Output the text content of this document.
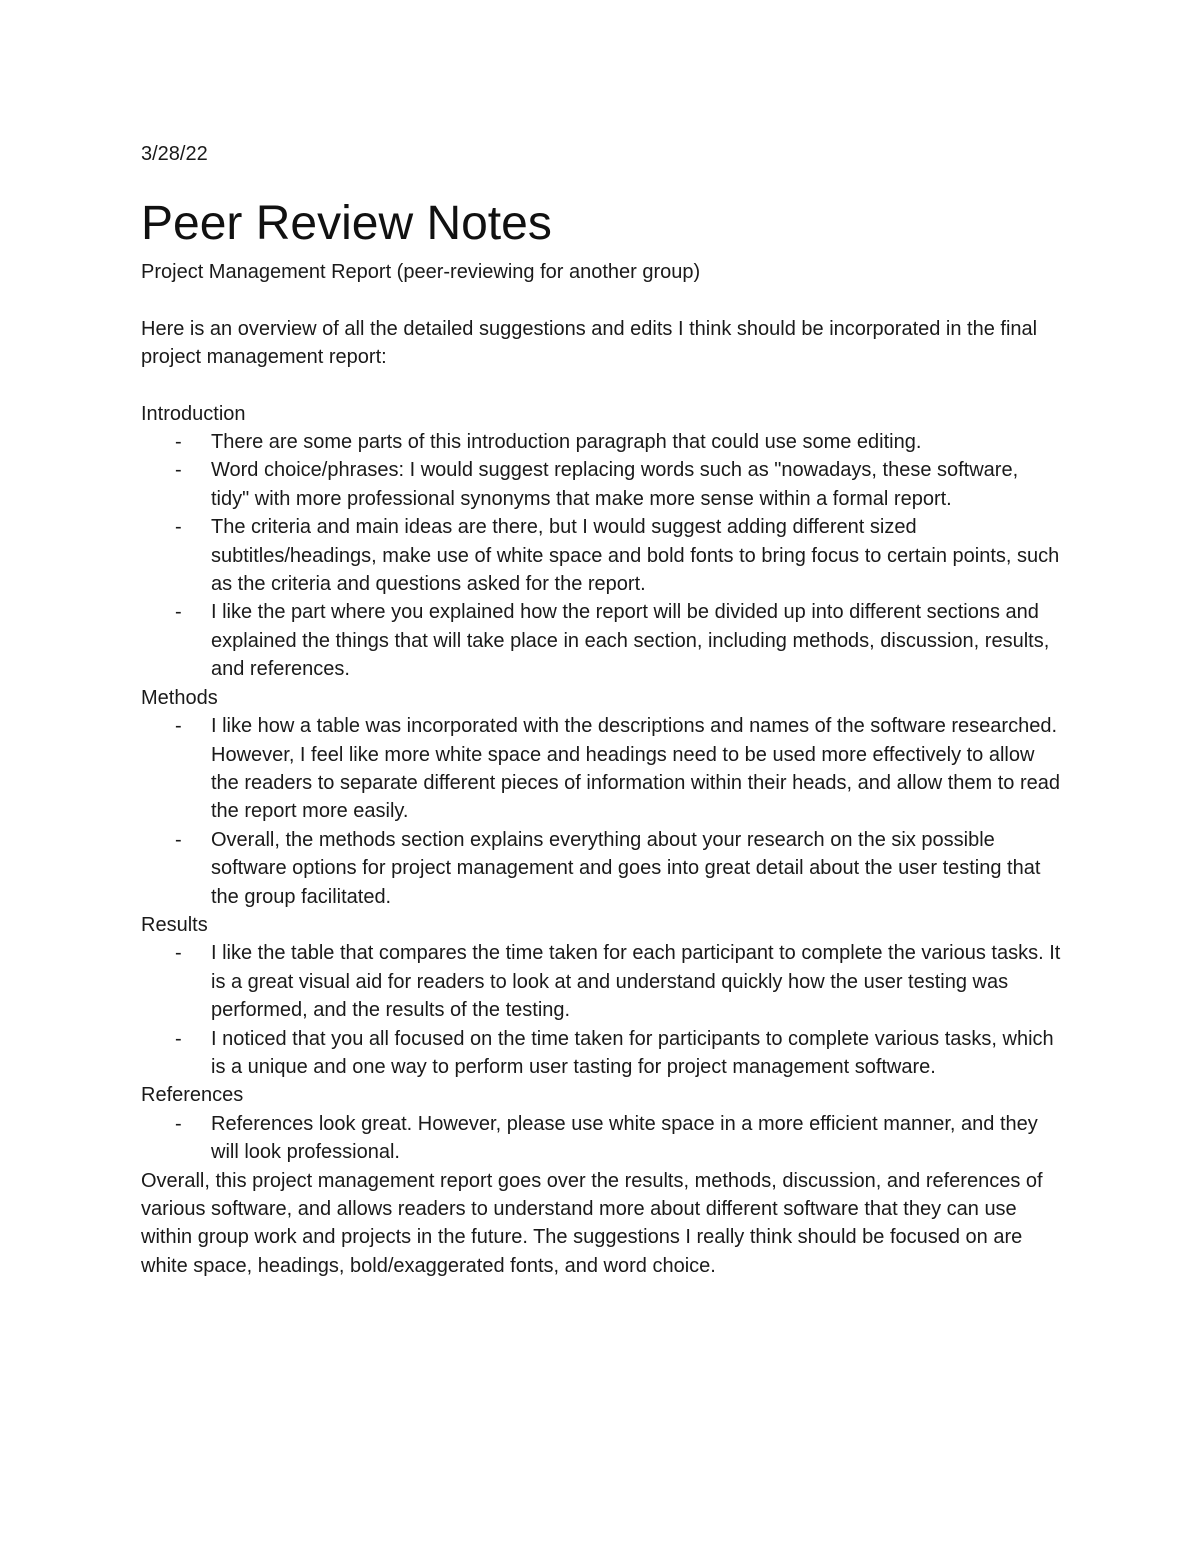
3/28/22

Peer Review Notes

Project Management Report (peer-reviewing for another group)

Here is an overview of all the detailed suggestions and edits I think should be incorporated in the final project management report:

Introduction

- There are some parts of this introduction paragraph that could use some editing.
- Word choice/phrases: I would suggest replacing words such as "nowadays, these software, tidy" with more professional synonyms that make more sense within a formal report.
- The criteria and main ideas are there, but I would suggest adding different sized subtitles/headings, make use of white space and bold fonts to bring focus to certain points, such as the criteria and questions asked for the report.
- I like the part where you explained how the report will be divided up into different sections and explained the things that will take place in each section, including methods, discussion, results, and references.

Methods

- I like how a table was incorporated with the descriptions and names of the software researched. However, I feel like more white space and headings need to be used more effectively to allow the readers to separate different pieces of information within their heads, and allow them to read the report more easily.
- Overall, the methods section explains everything about your research on the six possible software options for project management and goes into great detail about the user testing that the group facilitated.

Results

- I like the table that compares the time taken for each participant to complete the various tasks. It is a great visual aid for readers to look at and understand quickly how the user testing was performed, and the results of the testing.
- I noticed that you all focused on the time taken for participants to complete various tasks, which is a unique and one way to perform user tasting for project management software.

References

- References look great. However, please use white space in a more efficient manner, and they will look professional.

Overall, this project management report goes over the results, methods, discussion, and references of various software, and allows readers to understand more about different software that they can use within group work and projects in the future. The suggestions I really think should be focused on are white space, headings, bold/exaggerated fonts, and word choice.
